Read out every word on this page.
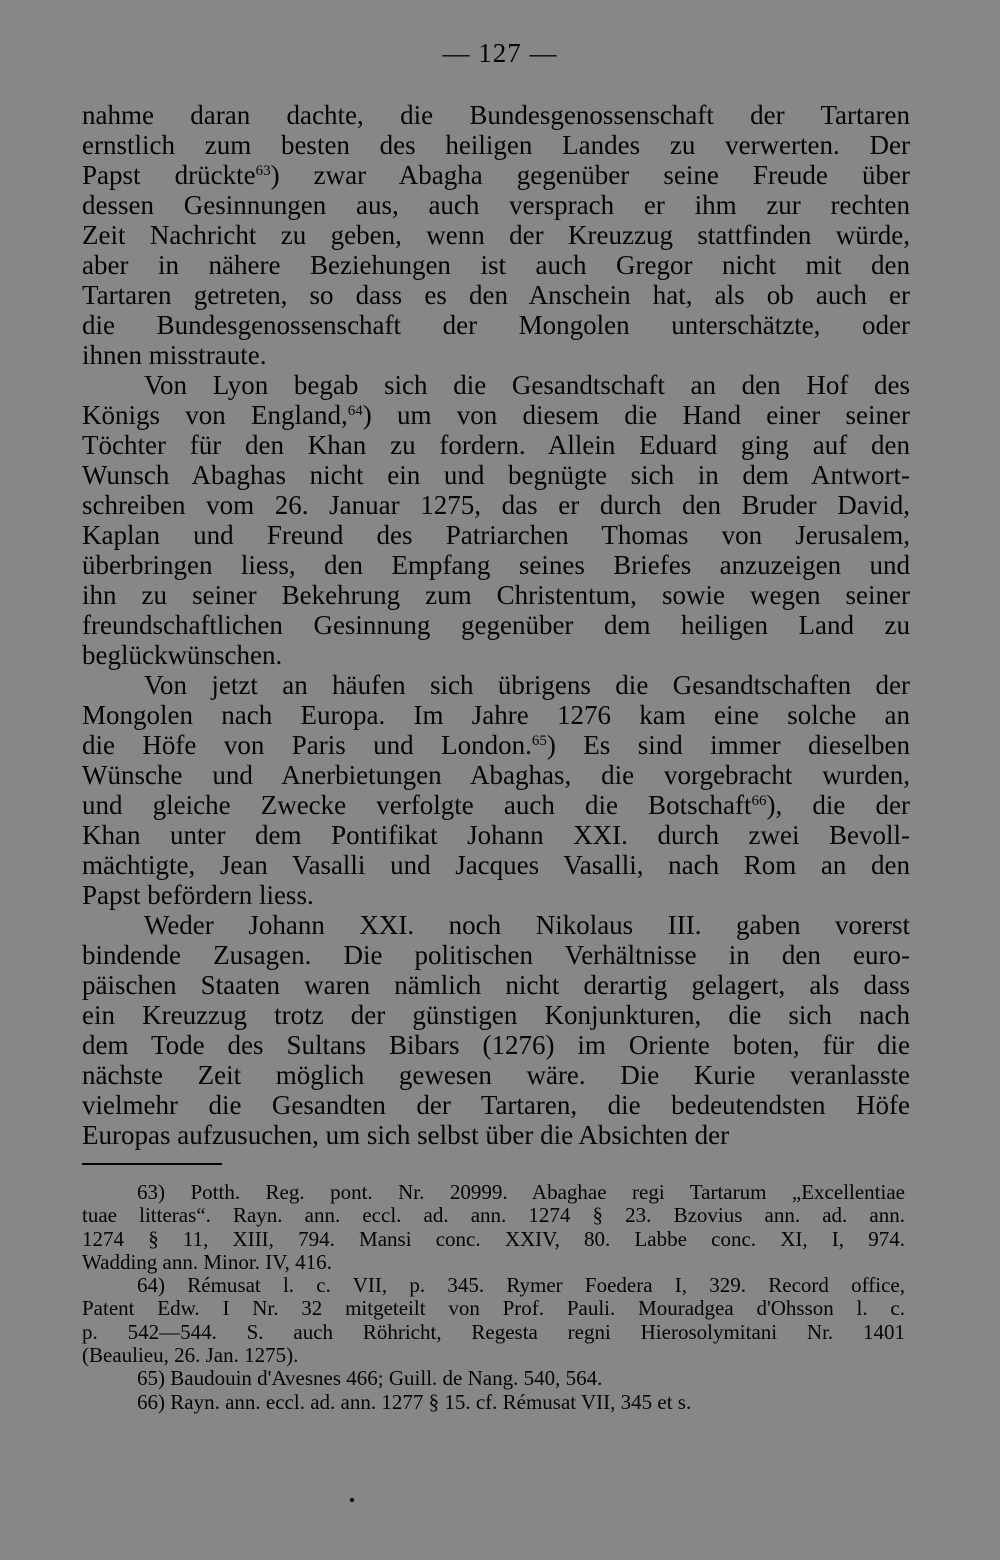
— 127 —
nahme daran dachte, die Bundesgenossenschaft der Tartaren
ernstlich zum besten des heiligen Landes zu verwerten. Der
Papst drückte$^{63}$) zwar Abagha gegenüber seine Freude über
dessen Gesinnungen aus, auch versprach er ihm zur rechten
Zeit Nachricht zu geben, wenn der Kreuzzug stattfinden würde,
aber in nähere Beziehungen ist auch Gregor nicht mit den
Tartaren getreten, so dass es den Anschein hat, als ob auch er
die Bundesgenossenschaft der Mongolen unterschätzte, oder
ihnen misstraute.
Von Lyon begab sich die Gesandtschaft an den Hof des
Königs von England,$^{64}$) um von diesem die Hand einer seiner
Töchter für den Khan zu fordern. Allein Eduard ging auf den
Wunsch Abaghas nicht ein und begnügte sich in dem Antwort-
schreiben vom 26. Januar 1275, das er durch den Bruder David,
Kaplan und Freund des Patriarchen Thomas von Jerusalem,
überbringen liess, den Empfang seines Briefes anzuzeigen und
ihn zu seiner Bekehrung zum Christentum, sowie wegen seiner
freundschaftlichen Gesinnung gegenüber dem heiligen Land zu
beglückwünschen.
Von jetzt an häufen sich übrigens die Gesandtschaften der
Mongolen nach Europa. Im Jahre 1276 kam eine solche an
die Höfe von Paris und London.$^{65}$) Es sind immer dieselben
Wünsche und Anerbietungen Abaghas, die vorgebracht wurden,
und gleiche Zwecke verfolgte auch die Botschaft$^{66}$), die der
Khan unter dem Pontifikat Johann XXI. durch zwei Bevoll-
mächtigte, Jean Vasalli und Jacques Vasalli, nach Rom an den
Papst befördern liess.
Weder Johann XXI. noch Nikolaus III. gaben vorerst
bindende Zusagen. Die politischen Verhältnisse in den euro-
päischen Staaten waren nämlich nicht derartig gelagert, als dass
ein Kreuzzug trotz der günstigen Konjunkturen, die sich nach
dem Tode des Sultans Bibars (1276) im Oriente boten, für die
nächste Zeit möglich gewesen wäre. Die Kurie veranlasste
vielmehr die Gesandten der Tartaren, die bedeutendsten Höfe
Europas aufzusuchen, um sich selbst über die Absichten der
63) Potth. Reg. pont. Nr. 20999. Abaghae regi Tartarum „Excellentiae
tuae litteras“. Rayn. ann. eccl. ad. ann. 1274 § 23. Bzovius ann. ad. ann.
1274 § 11, XIII, 794. Mansi conc. XXIV, 80. Labbe conc. XI, I, 974.
Wadding ann. Minor. IV, 416.
64) Rémusat l. c. VII, p. 345. Rymer Foedera I, 329. Record office,
Patent Edw. I Nr. 32 mitgeteilt von Prof. Pauli. Mouradgea d'Ohsson l. c.
p. 542—544. S. auch Röhricht, Regesta regni Hierosolymitani Nr. 1401
(Beaulieu, 26. Jan. 1275).
65) Baudouin d'Avesnes 466; Guill. de Nang. 540, 564.
66) Rayn. ann. eccl. ad. ann. 1277 § 15. cf. Rémusat VII, 345 et s.
